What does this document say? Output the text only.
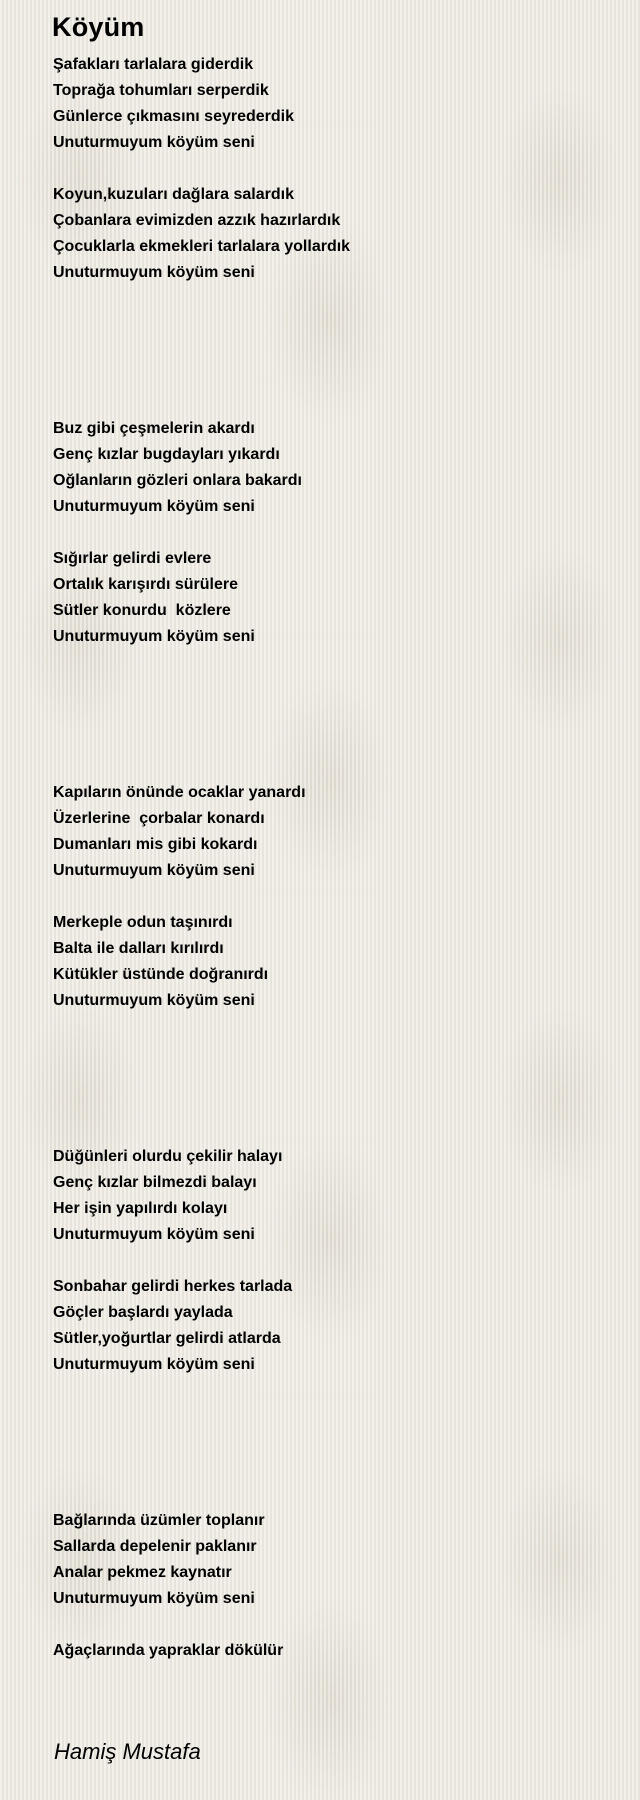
Köyüm
Şafakları tarlalara giderdik
Toprağa tohumları serperdik
Günlerce çıkmasını seyrederdik
Unuturmuyum köyüm seni
Koyun,kuzuları dağlara salardık
Çobanlara evimizden azzık hazırlardık
Çocuklarla ekmekleri tarlalara yollardık
Unuturmuyum köyüm seni
Buz gibi çeşmelerin akardı
Genç kızlar bugdayları yıkardı
Oğlanların gözleri onlara bakardı
Unuturmuyum köyüm seni
Sığırlar gelirdi evlere
Ortalık karışırdı sürülere
Sütler konurdu  közlere
Unuturmuyum köyüm seni
Kapıların önünde ocaklar yanardı
Üzerlerine  çorbalar konardı
Dumanları mis gibi kokardı
Unuturmuyum köyüm seni
Merkeple odun taşınırdı
Balta ile dalları kırılırdı
Kütükler üstünde doğranırdı
Unuturmuyum köyüm seni
Düğünleri olurdu çekilir halayı
Genç kızlar bilmezdi balayı
Her işin yapılırdı kolayı
Unuturmuyum köyüm seni
Sonbahar gelirdi herkes tarlada
Göçler başlardı yaylada
Sütler,yoğurtlar gelirdi atlarda
Unuturmuyum köyüm seni
Bağlarında üzümler toplanır
Sallarda depelenir paklanır
Analar pekmez kaynatır
Unuturmuyum köyüm seni
Ağaçlarında yapraklar dökülür
Hamiş Mustafa
